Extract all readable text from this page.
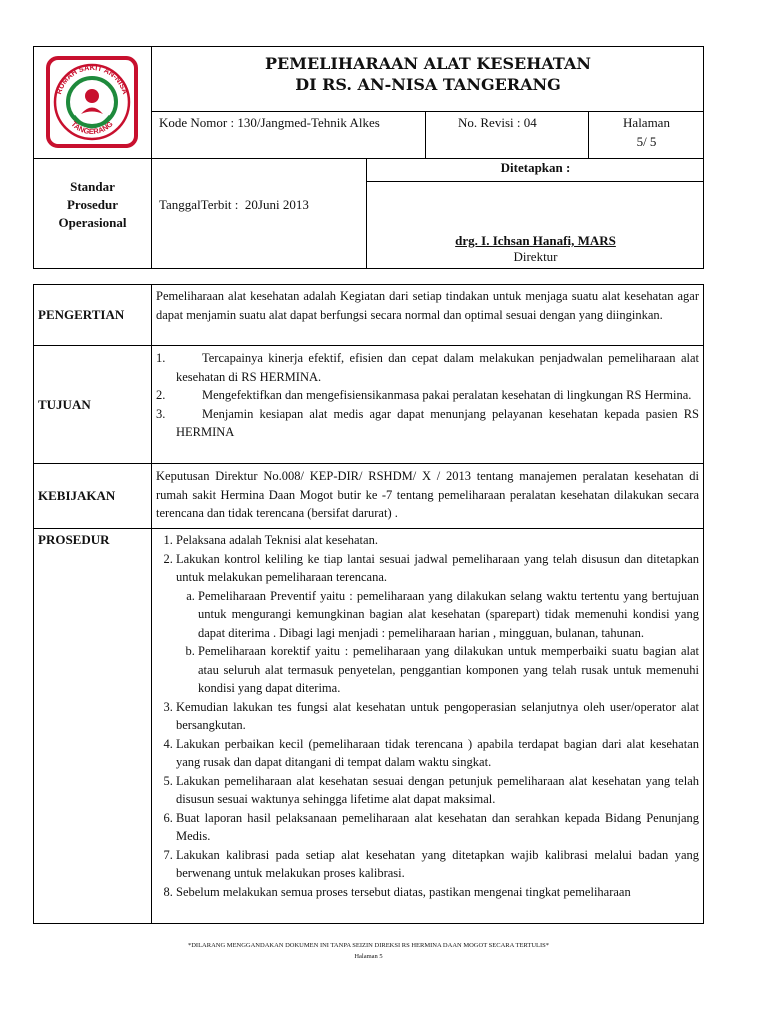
RUMAH SAKIT AN-NISA
TANGERANG
PEMELIHARAAN ALAT KESEHATAN
DI RS. AN-NISA TANGERANG
Kode Nomor : 130/Jangmed-Tehnik Alkes	No. Revisi : 04	Halaman
5/ 5
Standar
Prosedur
Operasional
TanggalTerbit :  20Juni 2013
Ditetapkan :
drg. I. Ichsan Hanafi, MARS
Direktur
PENGERTIAN
Pemeliharaan alat kesehatan adalah Kegiatan dari setiap tindakan untuk menjaga suatu alat kesehatan agar dapat menjamin suatu alat dapat berfungsi secara normal dan optimal sesuai dengan yang diinginkan.
TUJUAN
1.	Tercapainya kinerja efektif, efisien dan cepat dalam melakukan penjadwalan pemeliharaan alat kesehatan di RS HERMINA.
2.	Mengefektifkan dan mengefisiensikanmasa pakai peralatan kesehatan di lingkungan RS Hermina.
3.	Menjamin kesiapan alat medis agar dapat menunjang pelayanan kesehatan kepada pasien RS HERMINA
KEBIJAKAN
Keputusan Direktur No.008/ KEP-DIR/ RSHDM/ X / 2013 tentang manajemen peralatan kesehatan di rumah sakit Hermina Daan Mogot butir ke -7 tentang pemeliharaan peralatan kesehatan dilakukan secara terencana dan tidak terencana (bersifat darurat) .
PROSEDUR
1.	Pelaksana adalah Teknisi alat kesehatan.
2. Lakukan kontrol keliling ke tiap lantai sesuai jadwal pemeliharaan yang telah disusun dan ditetapkan untuk melakukan pemeliharaan terencana.
a. Pemeliharaan Preventif yaitu : pemeliharaan yang dilakukan selang waktu tertentu yang bertujuan untuk mengurangi kemungkinan bagian alat kesehatan (sparepart) tidak memenuhi kondisi yang dapat diterima . Dibagi lagi menjadi : pemeliharaan harian , mingguan, bulanan, tahunan.
b. Pemeliharaan korektif yaitu : pemeliharaan yang dilakukan untuk memperbaiki suatu bagian alat atau seluruh alat termasuk penyetelan, penggantian komponen yang telah rusak untuk memenuhi kondisi yang dapat diterima.
3. Kemudian lakukan tes fungsi alat kesehatan untuk pengoperasian selanjutnya oleh user/operator alat bersangkutan.
4. Lakukan perbaikan kecil (pemeliharaan tidak terencana ) apabila terdapat bagian dari alat kesehatan yang rusak dan dapat ditangani di tempat dalam waktu singkat.
5. Lakukan pemeliharaan alat kesehatan sesuai dengan petunjuk pemeliharaan alat kesehatan yang telah disusun sesuai waktunya sehingga lifetime alat dapat maksimal.
6. Buat laporan hasil pelaksanaan pemeliharaan alat kesehatan dan serahkan kepada Bidang Penunjang Medis.
7. Lakukan kalibrasi pada setiap alat kesehatan yang ditetapkan wajib kalibrasi melalui badan yang berwenang untuk melakukan proses kalibrasi.
8. Sebelum melakukan semua proses tersebut diatas, pastikan mengenai tingkat pemeliharaan
*DILARANG MENGGANDAKAN DOKUMEN INI TANPA SEIZIN DIREKSI RS HERMINA DAAN MOGOT SECARA TERTULIS*
Halaman 5
